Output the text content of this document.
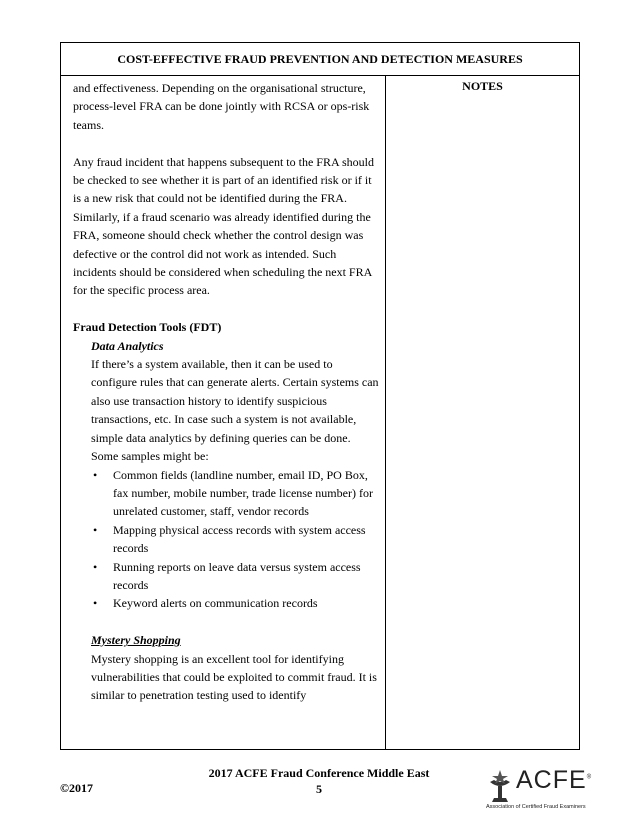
COST-EFFECTIVE FRAUD PREVENTION AND DETECTION MEASURES

and effectiveness. Depending on the organisational structure, process-level FRA can be done jointly with RCSA or ops-risk teams.

Any fraud incident that happens subsequent to the FRA should be checked to see whether it is part of an identified risk or if it is a new risk that could not be identified during the FRA. Similarly, if a fraud scenario was already identified during the FRA, someone should check whether the control design was defective or the control did not work as intended. Such incidents should be considered when scheduling the next FRA for the specific process area.

Fraud Detection Tools (FDT)

Data Analytics

If there’s a system available, then it can be used to configure rules that can generate alerts. Certain systems can also use transaction history to identify suspicious transactions, etc. In case such a system is not available, simple data analytics by defining queries can be done. Some samples might be:

• Common fields (landline number, email ID, PO Box, fax number, mobile number, trade license number) for unrelated customer, staff, vendor records
• Mapping physical access records with system access records
• Running reports on leave data versus system access records
• Keyword alerts on communication records

Mystery Shopping

Mystery shopping is an excellent tool for identifying vulnerabilities that could be exploited to commit fraud. It is similar to penetration testing used to identify

NOTES
2017 ACFE Fraud Conference Middle East
5
©2017	ACFE®
Association of Certified Fraud Examiners
